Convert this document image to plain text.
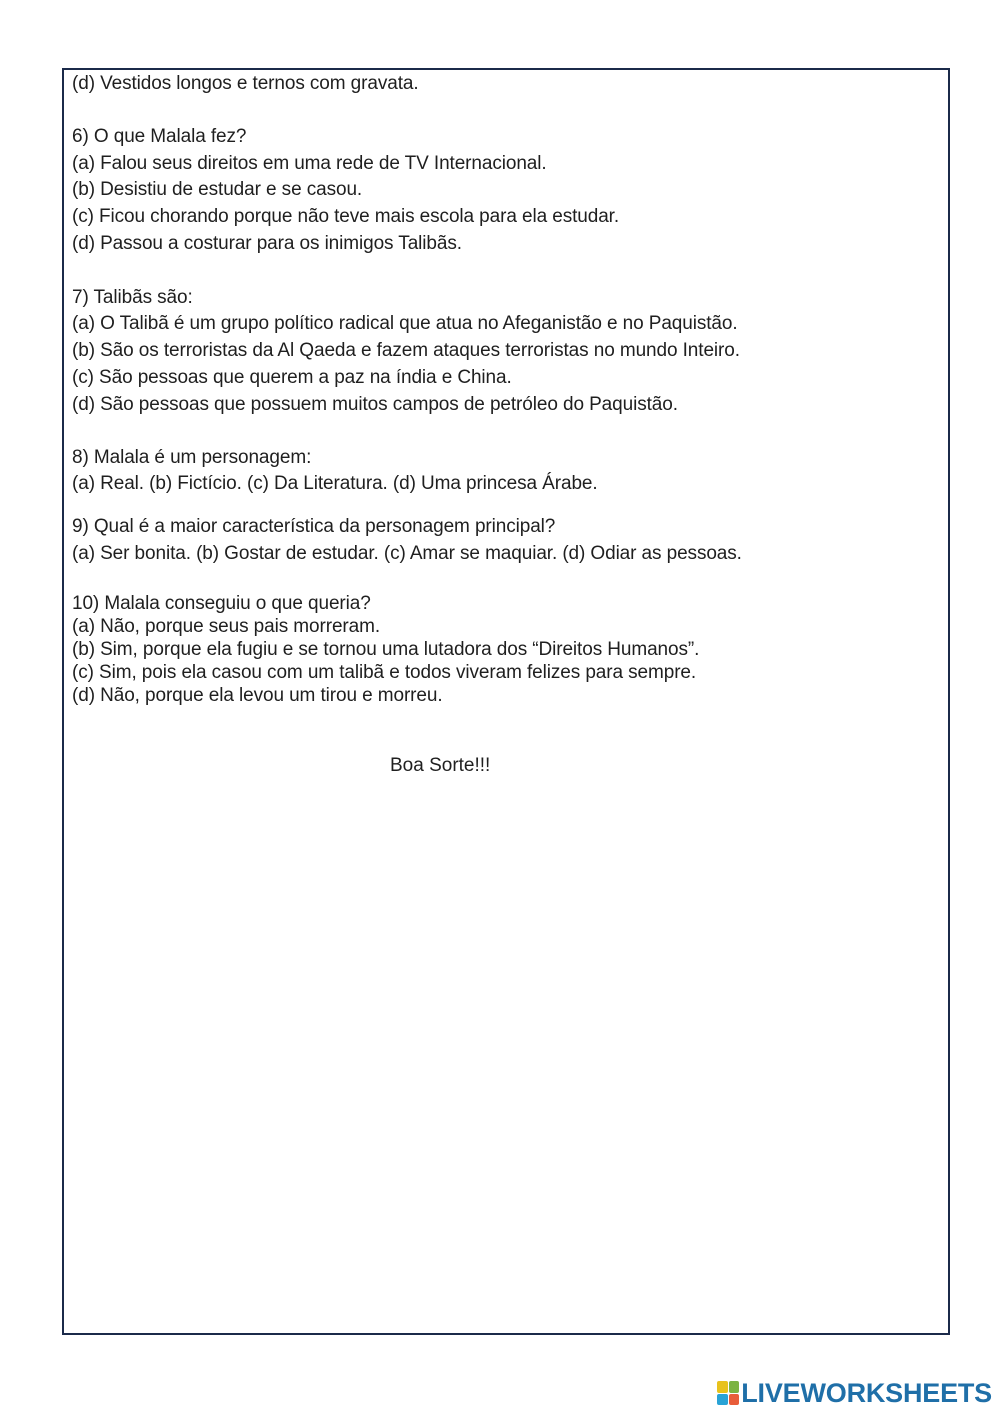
(d) Vestidos longos e ternos com gravata.
6) O que Malala fez?
(a) Falou seus direitos em uma rede de TV Internacional.
(b) Desistiu de estudar e se casou.
(c) Ficou chorando porque não teve mais escola para ela estudar.
(d) Passou a costurar para os inimigos Talibãs.
7) Talibãs são:
(a) O Talibã é um grupo político radical que atua no Afeganistão e no Paquistão.
(b) São os terroristas da Al Qaeda e fazem ataques terroristas no mundo Inteiro.
(c) São pessoas que querem a paz na índia e China.
(d) São pessoas que possuem muitos campos de petróleo do Paquistão.
8) Malala é um personagem:
(a) Real. (b) Fictício. (c) Da Literatura. (d) Uma princesa Árabe.
9) Qual é a maior característica da personagem principal?
(a) Ser bonita. (b) Gostar de estudar. (c) Amar se maquiar. (d) Odiar as pessoas.
10) Malala conseguiu o que queria?
(a) Não, porque seus pais morreram.
(b) Sim, porque ela fugiu e se tornou uma lutadora dos “Direitos Humanos”.
(c) Sim, pois ela casou com um talibã e todos viveram felizes para sempre.
(d) Não, porque ela levou um tirou e morreu.
Boa Sorte!!!
LIVEWORKSHEETS
